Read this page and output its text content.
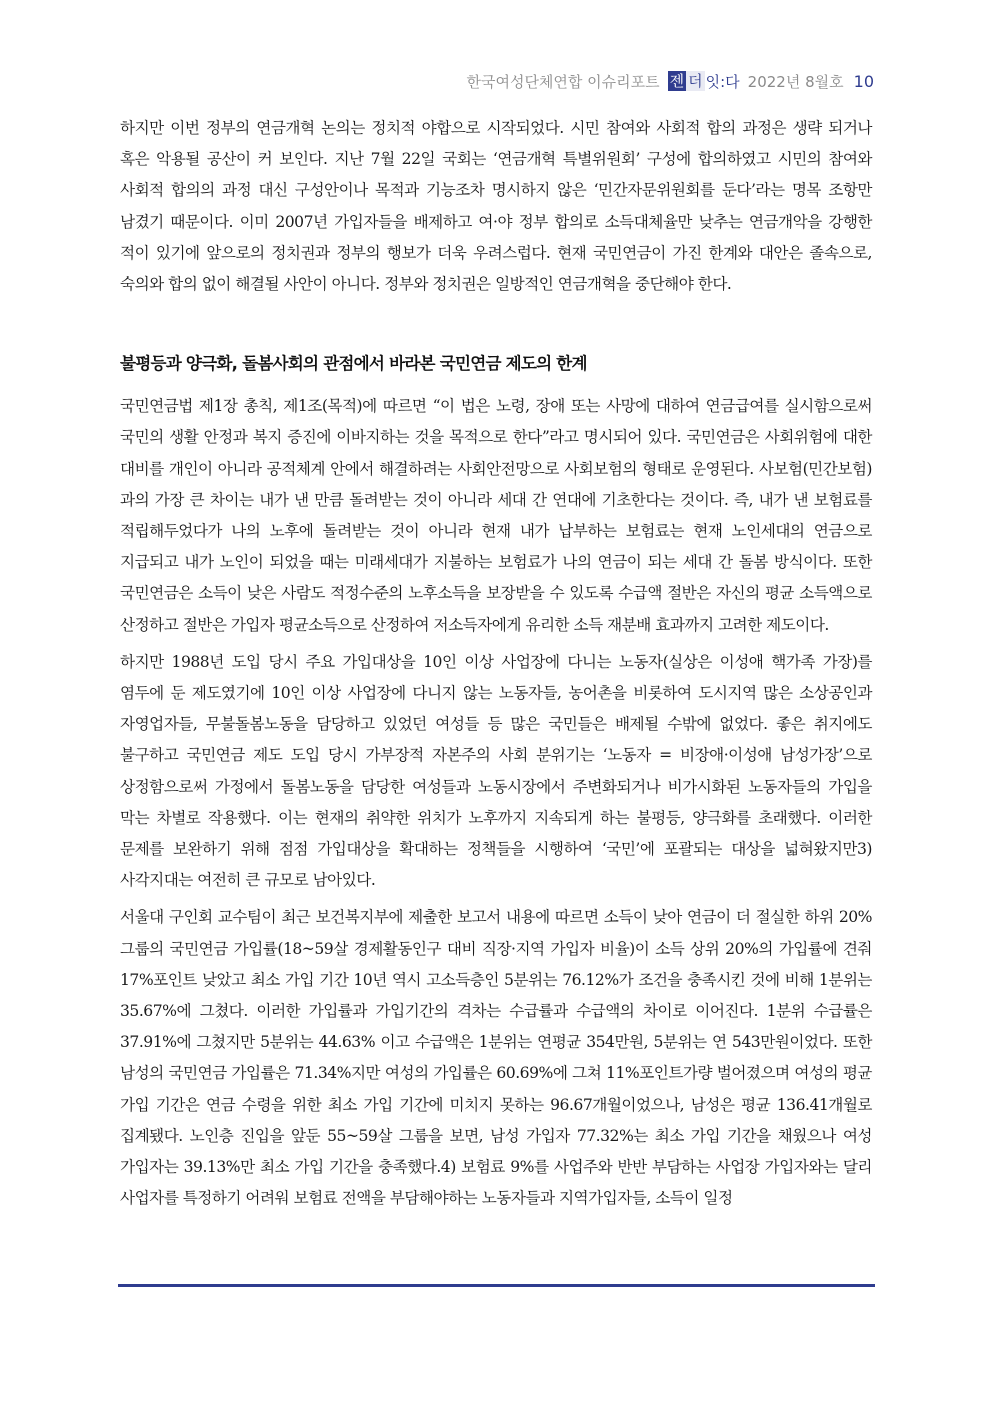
한국여성단체연합 이슈리포트 젠 더 잇:다 2022년 8월호 10

하지만 이번 정부의 연금개혁 논의는 정치적 야합으로 시작되었다. 시민 참여와 사회적 합의 과정은 생략 되거나 혹은 악용될 공산이 커 보인다. 지난 7월 22일 국회는 ‘연금개혁 특별위원회’ 구성에 합의하였고 시민의 참여와 사회적 합의의 과정 대신 구성안이나 목적과 기능조차 명시하지 않은 ‘민간자문위원회를 둔다’라는 명목 조항만 남겼기 때문이다. 이미 2007년 가입자들을 배제하고 여·야 정부 합의로 소득대체율만 낮추는 연금개악을 강행한 적이 있기에 앞으로의 정치권과 정부의 행보가 더욱 우려스럽다. 현재 국민연금이 가진 한계와 대안은 졸속으로, 숙의와 합의 없이 해결될 사안이 아니다. 정부와 정치권은 일방적인 연금개혁을 중단해야 한다.

불평등과 양극화, 돌봄사회의 관점에서 바라본 국민연금 제도의 한계

국민연금법 제1장 총칙, 제1조(목적)에 따르면 “이 법은 노령, 장애 또는 사망에 대하여 연금급여를 실시함으로써 국민의 생활 안정과 복지 증진에 이바지하는 것을 목적으로 한다”라고 명시되어 있다. 국민연금은 사회위험에 대한 대비를 개인이 아니라 공적체계 안에서 해결하려는 사회안전망으로 사회보험의 형태로 운영된다. 사보험(민간보험)과의 가장 큰 차이는 내가 낸 만큼 돌려받는 것이 아니라 세대 간 연대에 기초한다는 것이다. 즉, 내가 낸 보험료를 적립해두었다가 나의 노후에 돌려받는 것이 아니라 현재 내가 납부하는 보험료는 현재 노인세대의 연금으로 지급되고 내가 노인이 되었을 때는 미래세대가 지불하는 보험료가 나의 연금이 되는 세대 간 돌봄 방식이다. 또한 국민연금은 소득이 낮은 사람도 적정수준의 노후소득을 보장받을 수 있도록 수급액 절반은 자신의 평균 소득액으로 산정하고 절반은 가입자 평균소득으로 산정하여 저소득자에게 유리한 소득 재분배 효과까지 고려한 제도이다.

하지만 1988년 도입 당시 주요 가입대상을 10인 이상 사업장에 다니는 노동자(실상은 이성애 핵가족 가장)를 염두에 둔 제도였기에 10인 이상 사업장에 다니지 않는 노동자들, 농어촌을 비롯하여 도시지역 많은 소상공인과 자영업자들, 무불돌봄노동을 담당하고 있었던 여성들 등 많은 국민들은 배제될 수밖에 없었다. 좋은 취지에도 불구하고 국민연금 제도 도입 당시 가부장적 자본주의 사회 분위기는 ‘노동자 = 비장애·이성애 남성가장’으로 상정함으로써 가정에서 돌봄노동을 담당한 여성들과 노동시장에서 주변화되거나 비가시화된 노동자들의 가입을 막는 차별로 작용했다. 이는 현재의 취약한 위치가 노후까지 지속되게 하는 불평등, 양극화를 초래했다. 이러한 문제를 보완하기 위해 점점 가입대상을 확대하는 정책들을 시행하여 ‘국민’에 포괄되는 대상을 넓혀왔지만3) 사각지대는 여전히 큰 규모로 남아있다.

서울대 구인회 교수팀이 최근 보건복지부에 제출한 보고서 내용에 따르면 소득이 낮아 연금이 더 절실한 하위 20% 그룹의 국민연금 가입률(18~59살 경제활동인구 대비 직장·지역 가입자 비율)이 소득 상위 20%의 가입률에 견줘 17%포인트 낮았고 최소 가입 기간 10년 역시 고소득층인 5분위는 76.12%가 조건을 충족시킨 것에 비해 1분위는 35.67%에 그쳤다. 이러한 가입률과 가입기간의 격차는 수급률과 수급액의 차이로 이어진다. 1분위 수급률은 37.91%에 그쳤지만 5분위는 44.63% 이고 수급액은 1분위는 연평균 354만원, 5분위는 연 543만원이었다. 또한 남성의 국민연금 가입률은 71.34%지만 여성의 가입률은 60.69%에 그쳐 11%포인트가량 벌어졌으며 여성의 평균 가입 기간은 연금 수령을 위한 최소 가입 기간에 미치지 못하는 96.67개월이었으나, 남성은 평균 136.41개월로 집계됐다. 노인층 진입을 앞둔 55~59살 그룹을 보면, 남성 가입자 77.32%는 최소 가입 기간을 채웠으나 여성 가입자는 39.13%만 최소 가입 기간을 충족했다.4) 보험료 9%를 사업주와 반반 부담하는 사업장 가입자와는 달리 사업자를 특정하기 어려워 보험료 전액을 부담해야하는 노동자들과 지역가입자들, 소득이 일정
